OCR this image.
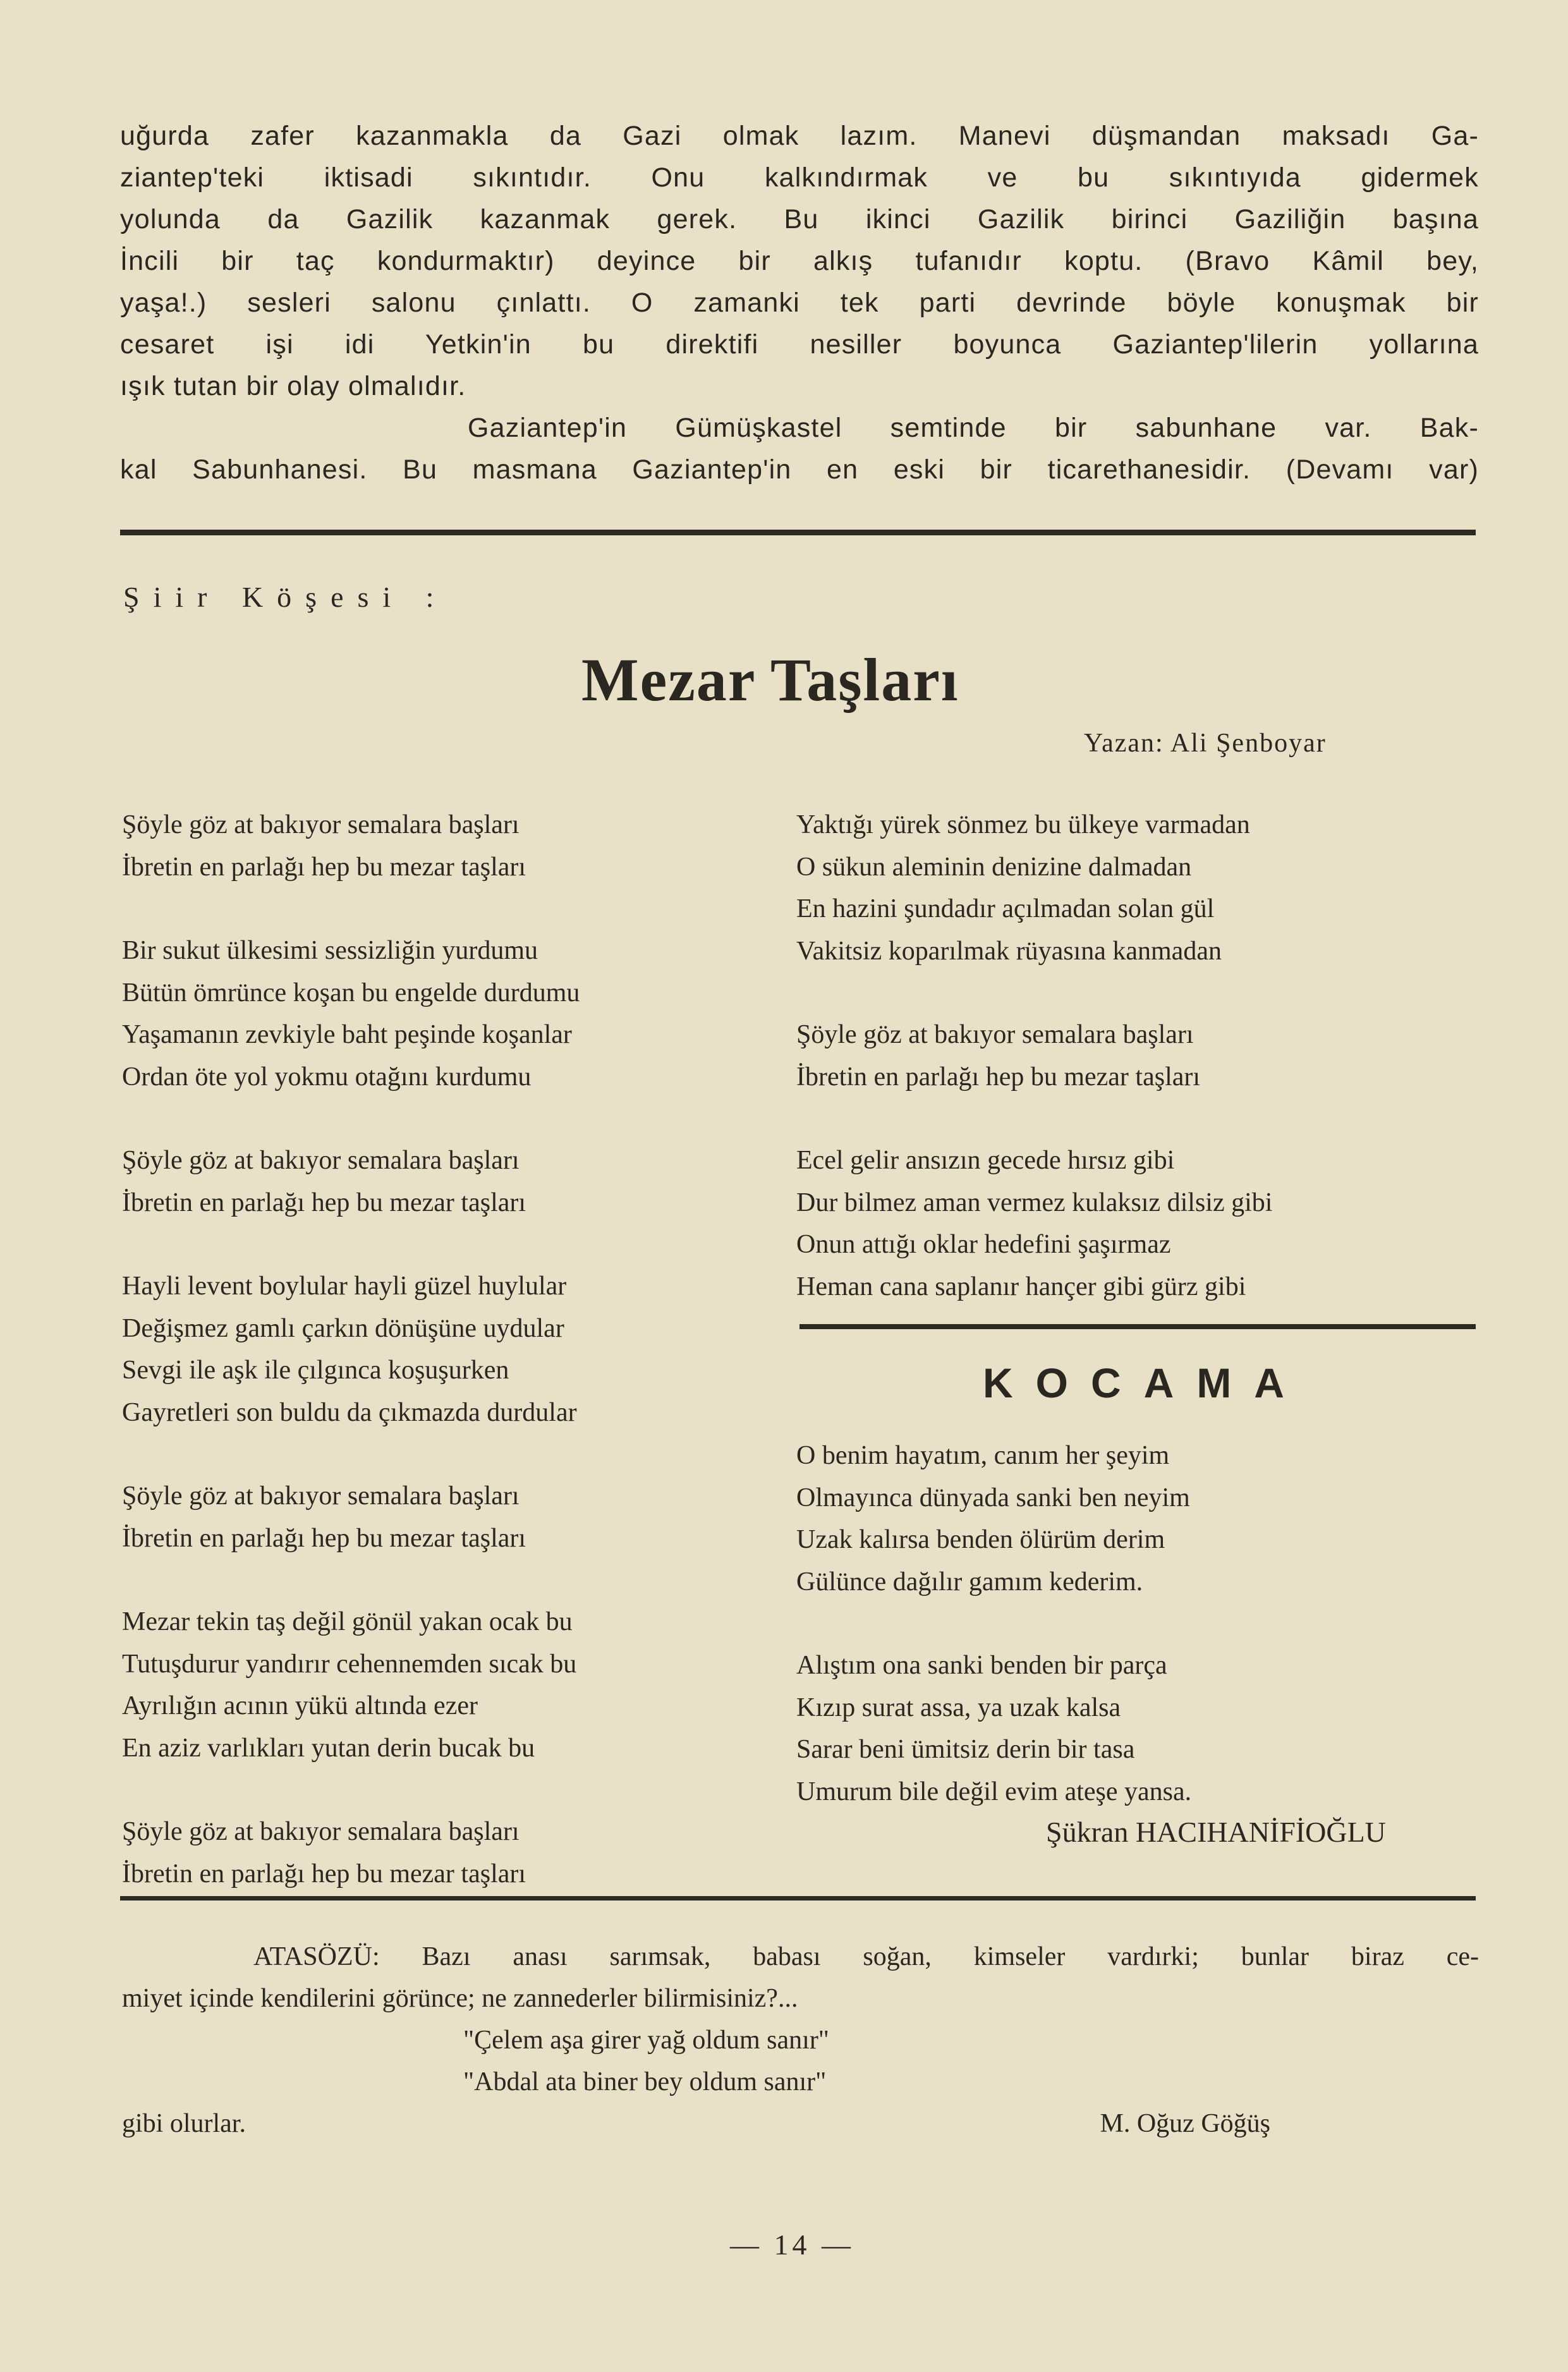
uğurda zafer kazanmakla da Gazi olmak lazım. Manevi düşmandan maksadı Ga-

ziantep'teki iktisadi sıkıntıdır. Onu kalkındırmak ve bu sıkıntıyıda gidermek

yolunda da Gazilik kazanmak gerek. Bu ikinci Gazilik birinci Gaziliğin başına

İncili bir taç kondurmaktır) deyince bir alkış tufanıdır koptu. (Bravo Kâmil bey,

yaşa!.) sesleri salonu çınlattı. O zamanki tek parti devrinde böyle konuşmak bir

cesaret işi idi Yetkin'in bu direktifi nesiller boyunca Gaziantep'lilerin yollarına

ışık tutan bir olay olmalıdır.

Gaziantep'in Gümüşkastel semtinde bir sabunhane var. Bak-

kal Sabunhanesi. Bu masmana Gaziantep'in en eski bir ticarethanesidir. (Devamı var)

Şiir Köşesi :
Mezar Taşları
Yazan: Ali Şenboyar
Şöyle göz at bakıyor semalara başları
İbretin en parlağı hep bu mezar taşları
Bir sukut ülkesimi sessizliğin yurdumu
Bütün ömrünce koşan bu engelde durdumu
Yaşamanın zevkiyle baht peşinde koşanlar
Ordan öte yol yokmu otağını kurdumu
Şöyle göz at bakıyor semalara başları
İbretin en parlağı hep bu mezar taşları
Hayli levent boylular hayli güzel huylular
Değişmez gamlı çarkın dönüşüne uydular
Sevgi ile aşk ile çılgınca koşuşurken
Gayretleri son buldu da çıkmazda durdular
Şöyle göz at bakıyor semalara başları
İbretin en parlağı hep bu mezar taşları
Mezar tekin taş değil gönül yakan ocak bu
Tutuşdurur yandırır cehennemden sıcak bu
Ayrılığın acının yükü altında ezer
En aziz varlıkları yutan derin bucak bu
Şöyle göz at bakıyor semalara başları
İbretin en parlağı hep bu mezar taşları
Yaktığı yürek sönmez bu ülkeye varmadan
O sükun aleminin denizine dalmadan
En hazini şundadır açılmadan solan gül
Vakitsiz koparılmak rüyasına kanmadan
Şöyle göz at bakıyor semalara başları
İbretin en parlağı hep bu mezar taşları
Ecel gelir ansızın gecede hırsız gibi
Dur bilmez aman vermez kulaksız dilsiz gibi
Onun attığı oklar hedefini şaşırmaz
Heman cana saplanır hançer gibi gürz gibi
KOCAMA
O benim hayatım, canım her şeyim
Olmayınca dünyada sanki ben neyim
Uzak kalırsa benden ölürüm derim
Gülünce dağılır gamım kederim.
Alıştım ona sanki benden bir parça
Kızıp surat assa, ya uzak kalsa
Sarar beni ümitsiz derin bir tasa
Umurum bile değil evim ateşe yansa.
Şükran HACIHANİFİOĞLU
ATASÖZÜ: Bazı anası sarımsak, babası soğan, kimseler vardırki; bunlar biraz ce-
miyet içinde kendilerini görünce; ne zannederler bilirmisiniz?...
"Çelem aşa girer yağ oldum sanır"
"Abdal ata biner bey oldum sanır"
gibi olurlar.	M. Oğuz Göğüş
— 14 —
